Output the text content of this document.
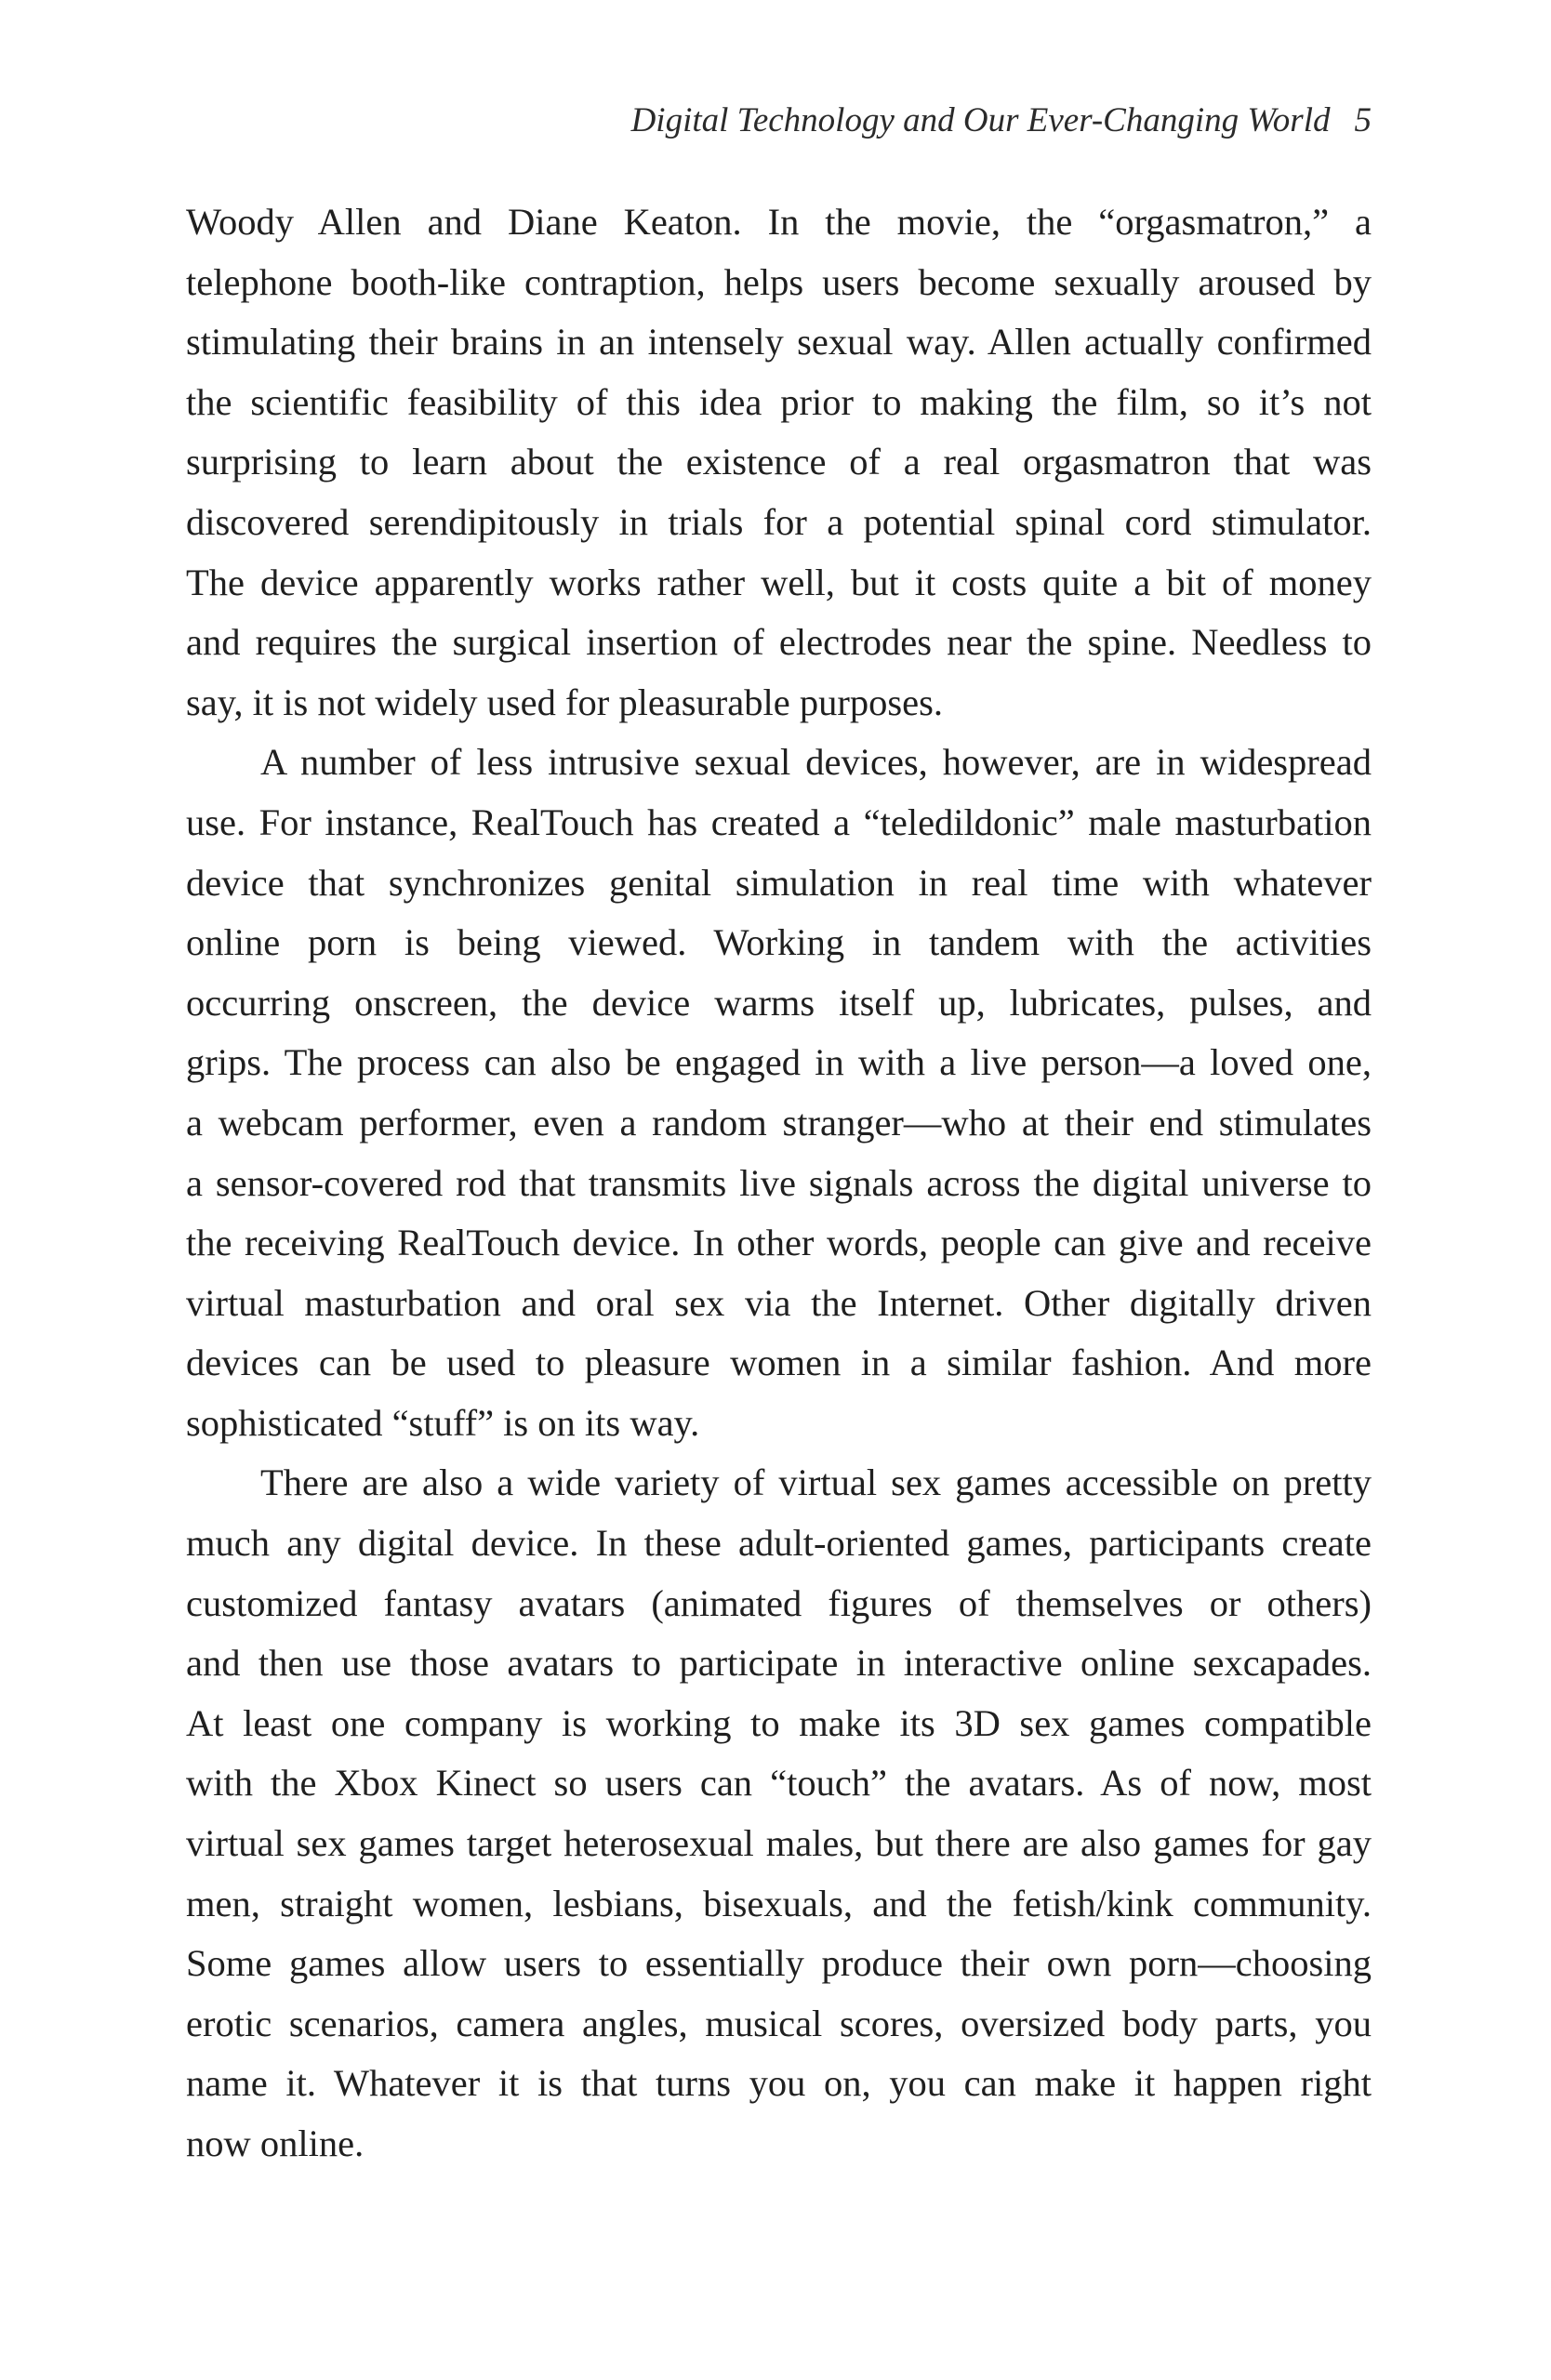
Digital Technology and Our Ever-Changing World 5

Woody Allen and Diane Keaton. In the movie, the “orgasmatron,” a
telephone booth-like contraption, helps users become sexually aroused by
stimulating their brains in an intensely sexual way. Allen actually confirmed
the scientific feasibility of this idea prior to making the film, so it’s not
surprising to learn about the existence of a real orgasmatron that was
discovered serendipitously in trials for a potential spinal cord stimulator.
The device apparently works rather well, but it costs quite a bit of money
and requires the surgical insertion of electrodes near the spine. Needless to
say, it is not widely used for pleasurable purposes.

A number of less intrusive sexual devices, however, are in widespread
use. For instance, RealTouch has created a “teledildonic” male masturbation
device that synchronizes genital simulation in real time with whatever
online porn is being viewed. Working in tandem with the activities
occurring onscreen, the device warms itself up, lubricates, pulses, and
grips. The process can also be engaged in with a live person—a loved one,
a webcam performer, even a random stranger—who at their end stimulates
a sensor-covered rod that transmits live signals across the digital universe to
the receiving RealTouch device. In other words, people can give and receive
virtual masturbation and oral sex via the Internet. Other digitally driven
devices can be used to pleasure women in a similar fashion. And more
sophisticated “stuff” is on its way.

There are also a wide variety of virtual sex games accessible on pretty
much any digital device. In these adult-oriented games, participants create
customized fantasy avatars (animated figures of themselves or others)
and then use those avatars to participate in interactive online sexcapades.
At least one company is working to make its 3D sex games compatible
with the Xbox Kinect so users can “touch” the avatars. As of now, most
virtual sex games target heterosexual males, but there are also games for gay
men, straight women, lesbians, bisexuals, and the fetish/kink community.
Some games allow users to essentially produce their own porn—choosing
erotic scenarios, camera angles, musical scores, oversized body parts, you
name it. Whatever it is that turns you on, you can make it happen right
now online.
